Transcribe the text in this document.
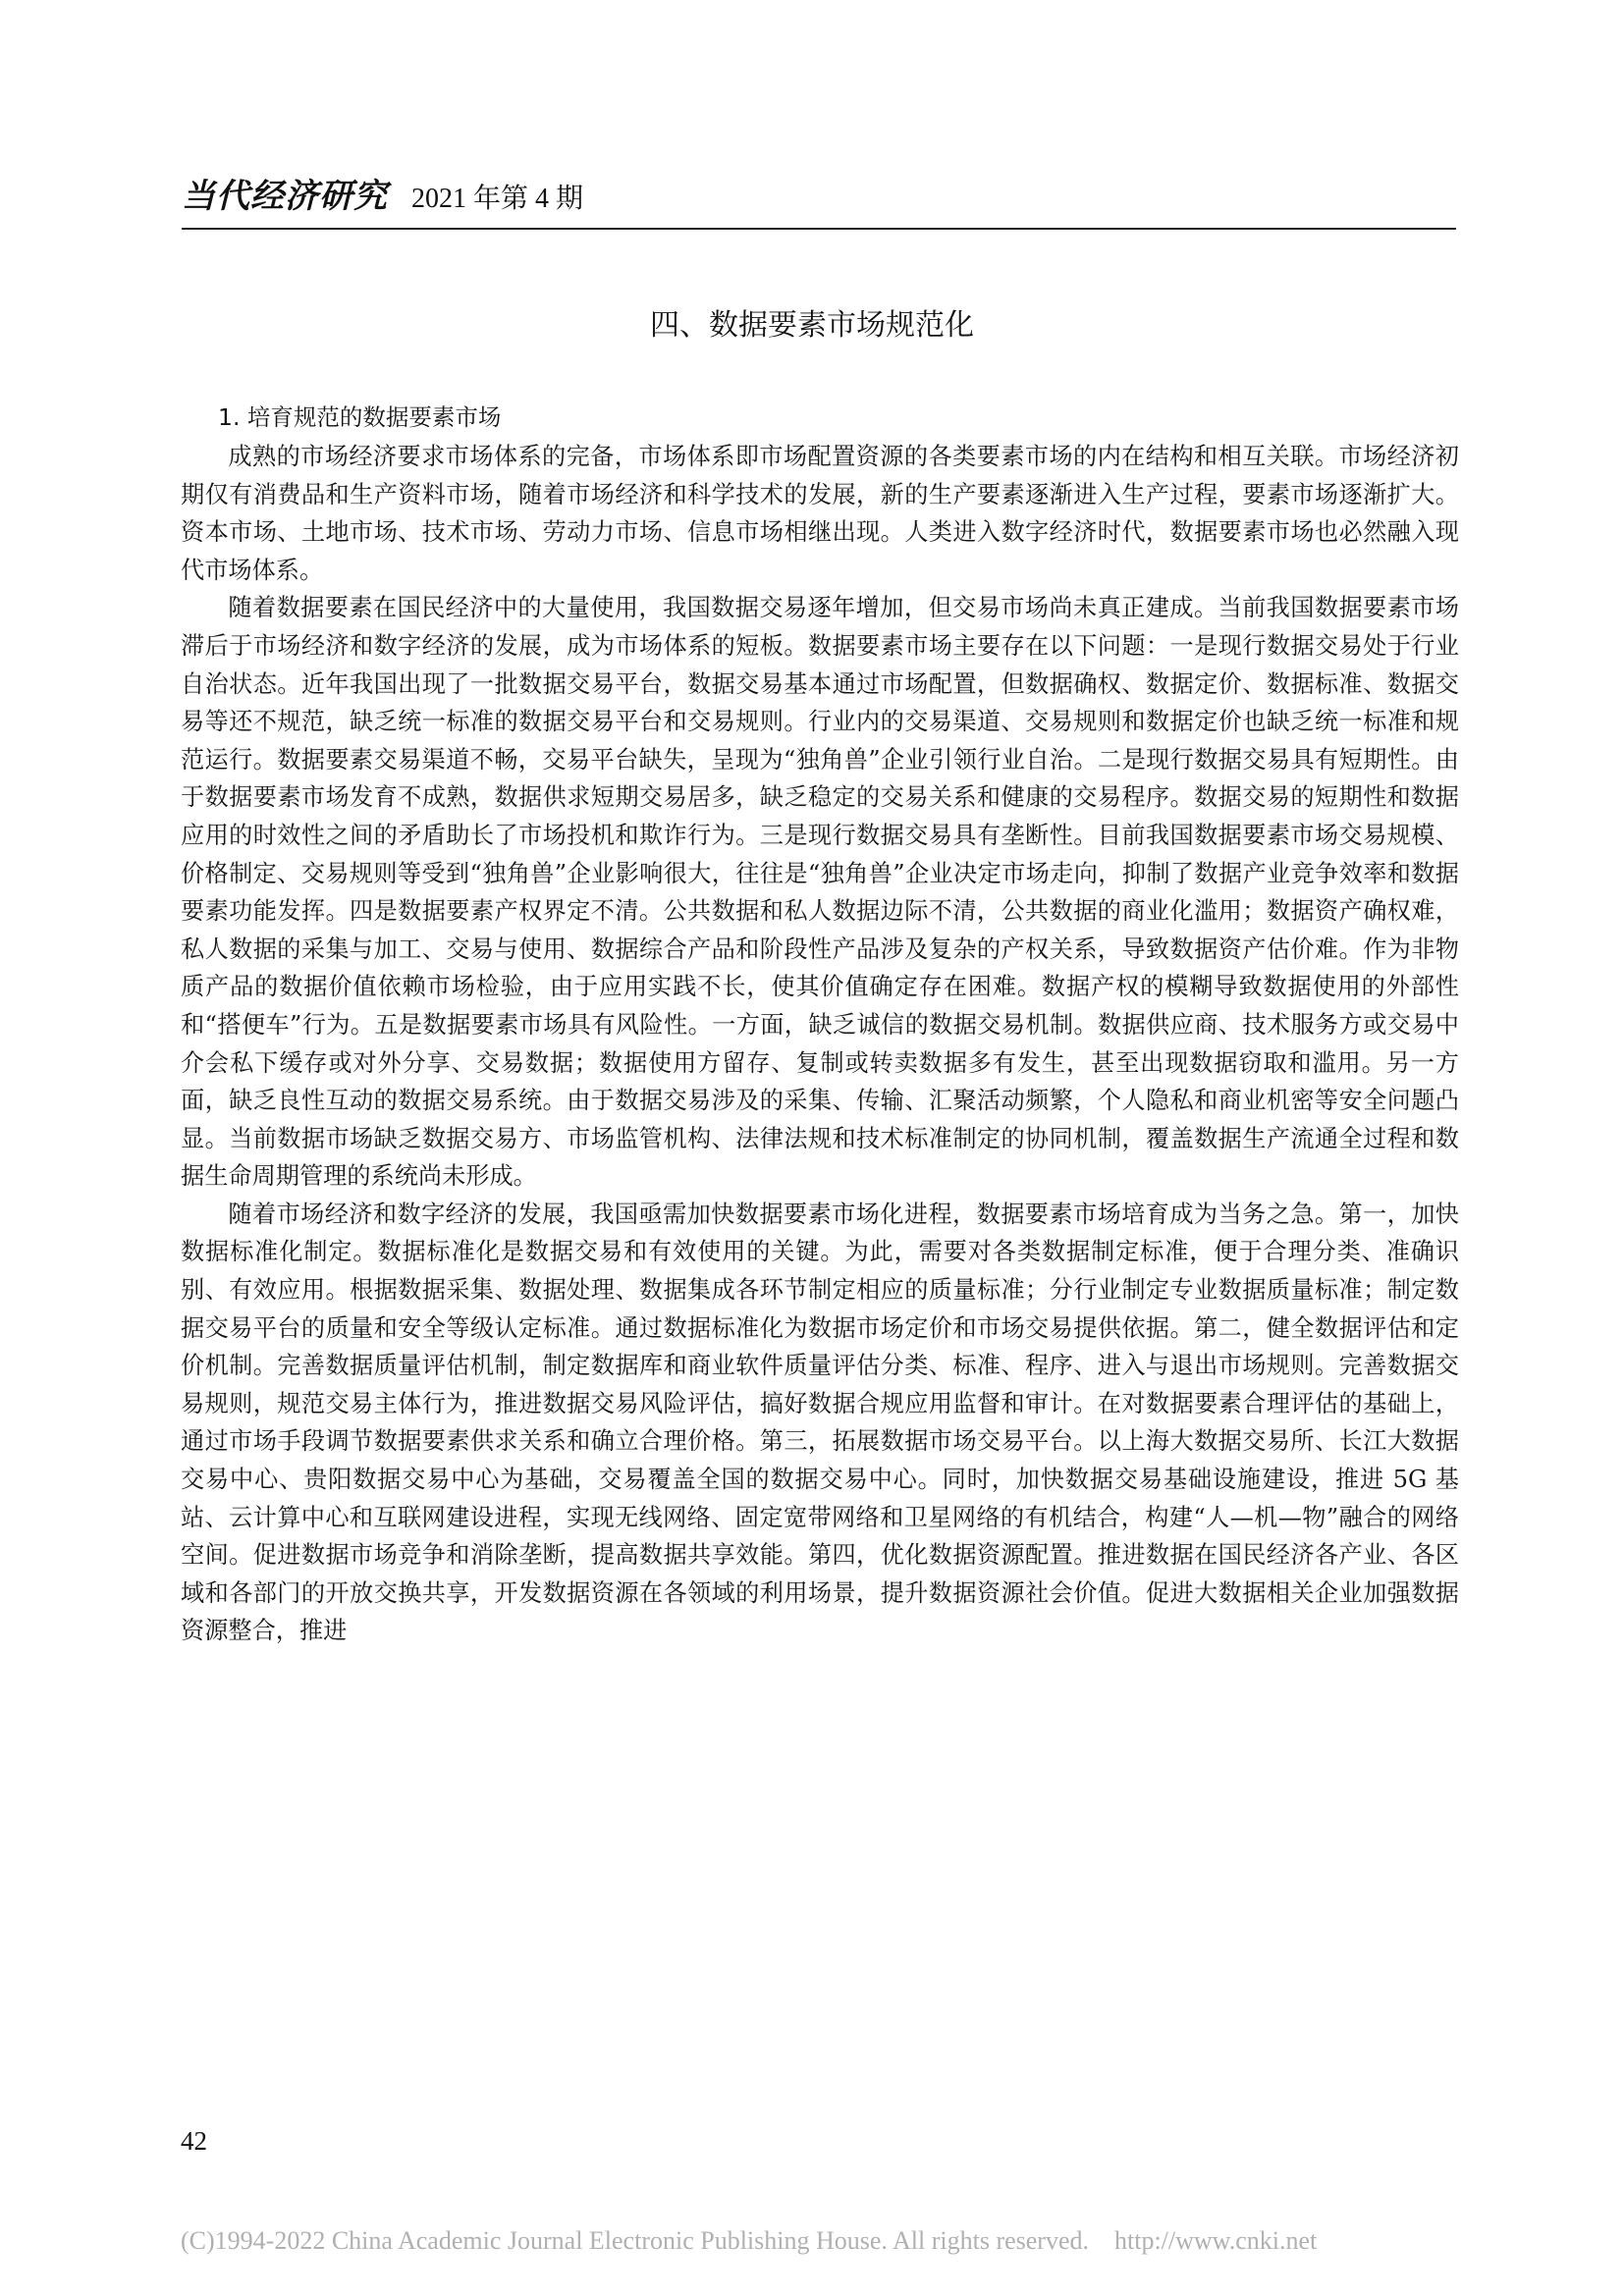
当代经济研究 2021 年第 4 期
四、数据要素市场规范化
1. 培育规范的数据要素市场

成熟的市场经济要求市场体系的完备，市场体系即市场配置资源的各类要素市场的内在结构和相互关联。市场经济初期仅有消费品和生产资料市场，随着市场经济和科学技术的发展，新的生产要素逐渐进入生产过程，要素市场逐渐扩大。资本市场、土地市场、技术市场、劳动力市场、信息市场相继出现。人类进入数字经济时代，数据要素市场也必然融入现代市场体系。

随着数据要素在国民经济中的大量使用，我国数据交易逐年增加，但交易市场尚未真正建成。当前我国数据要素市场滞后于市场经济和数字经济的发展，成为市场体系的短板。数据要素市场主要存在以下问题：一是现行数据交易处于行业自治状态。近年我国出现了一批数据交易平台，数据交易基本通过市场配置，但数据确权、数据定价、数据标准、数据交易等还不规范，缺乏统一标准的数据交易平台和交易规则。行业内的交易渠道、交易规则和数据定价也缺乏统一标准和规范运行。数据要素交易渠道不畅，交易平台缺失，呈现为“独角兽”企业引领行业自治。二是现行数据交易具有短期性。由于数据要素市场发育不成熟，数据供求短期交易居多，缺乏稳定的交易关系和健康的交易程序。数据交易的短期性和数据应用的时效性之间的矛盾助长了市场投机和欺诈行为。三是现行数据交易具有垄断性。目前我国数据要素市场交易规模、价格制定、交易规则等受到“独角兽”企业影响很大，往往是“独角兽”企业决定市场走向，抑制了数据产业竞争效率和数据要素功能发挥。四是数据要素产权界定不清。公共数据和私人数据边际不清，公共数据的商业化滥用；数据资产确权难，私人数据的采集与加工、交易与使用、数据综合产品和阶段性产品涉及复杂的产权关系，导致数据资产估价难。作为非物质产品的数据价值依赖市场检验，由于应用实践不长，使其价值确定存在困难。数据产权的模糊导致数据使用的外部性和“搭便车”行为。五是数据要素市场具有风险性。一方面，缺乏诚信的数据交易机制。数据供应商、技术服务方或交易中介会私下缓存或对外分享、交易数据；数据使用方留存、复制或转卖数据多有发生，甚至出现数据窃取和滥用。另一方面，缺乏良性互动的数据交易系统。由于数据交易涉及的采集、传输、汇聚活动频繁，个人隐私和商业机密等安全问题凸显。当前数据市场缺乏数据交易方、市场监管机构、法律法规和技术标准制定的协同机制，覆盖数据生产流通全过程和数据生命周期管理的系统尚未形成。

随着市场经济和数字经济的发展，我国亟需加快数据要素市场化进程，数据要素市场培育成为当务之急。第一，加快数据标准化制定。数据标准化是数据交易和有效使用的关键。为此，需要对各类数据制定标准，便于合理分类、准确识别、有效应用。根据数据采集、数据处理、数据集成各环节制定相应的质量标准；分行业制定专业数据质量标准；制定数据交易平台的质量和安全等级认定标准。通过数据标准化为数据市场定价和市场交易提供依据。第二，健全数据评估和定价机制。完善数据质量评估机制，制定数据库和商业软件质量评估分类、标准、程序、进入与退出市场规则。完善数据交易规则，规范交易主体行为，推进数据交易风险评估，搞好数据合规应用监督和审计。在对数据要素合理评估的基础上，通过市场手段调节数据要素供求关系和确立合理价格。第三，拓展数据市场交易平台。以上海大数据交易所、长江大数据交易中心、贵阳数据交易中心为基础，交易覆盖全国的数据交易中心。同时，加快数据交易基础设施建设，推进 5G 基站、云计算中心和互联网建设进程，实现无线网络、固定宽带网络和卫星网络的有机结合，构建“人—机—物”融合的网络空间。促进数据市场竞争和消除垄断，提高数据共享效能。第四，优化数据资源配置。推进数据在国民经济各产业、各区域和各部门的开放交换共享，开发数据资源在各领域的利用场景，提升数据资源社会价值。促进大数据相关企业加强数据资源整合，推进

42
(C)1994-2022 China Academic Journal Electronic Publishing House. All rights reserved.    http://www.cnki.net
